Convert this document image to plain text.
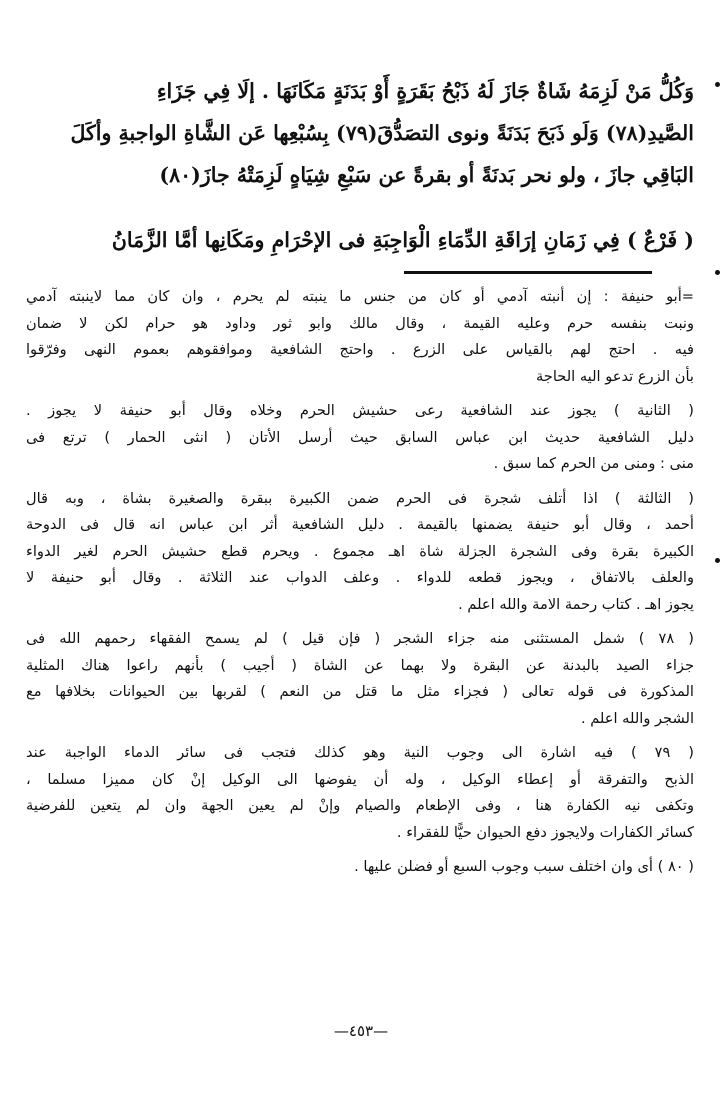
وَكُلُّ مَنْ لَزِمَهُ شَاةٌ جَازَ لَهُ ذَبْحُ بَقَرَةٍ أَوْ بَدَنَةٍ مَكَانَهَا . إلَا فِي جَزَاءِ
الصَّيدِ(٧٨) وَلَو ذَبَحَ بَدَنَةً ونوى التصَدُّقَ(٧٩) بِسُبْعِها عَن الشَّاةِ الواجبةِ وأكَلَ
البَاقِي جازَ ، ولو نحر بَدنَةً أو بقرةً عن سَبْعِ شِيَاهٍ لَزِمَتْهُ جازَ(٨٠)
( فَرْعٌ ) فِي زَمَانِ إرَاقَةِ الدِّمَاءِ الْوَاجِبَةِ فى الإحْرَامِ ومَكَانِها أمَّا الزَّمَانُ
=أبو حنيفة : إن أنبته آدمي أو كان من جنس ما ينبته لم يحرم ، وان كان مما لاينبته آدمي
ونبت بنفسه حرم وعليه القيمة ، وقال مالك وابو ثور وداود هو حرام لكن لا ضمان
فيه . احتج لهم بالقياس على الزرع . واحتج الشافعية وموافقوهم بعموم النهى وفرّقوا
بأن الزرع تدعو اليه الحاجة
( الثانية ) يجوز عند الشافعية رعى حشيش الحرم وخلاه وقال أبو حنيفة لا يجوز .
دليل الشافعية حديث ابن عباس السابق حيث أرسل الأتان ( انثى الحمار ) ترتع فى
منى : ومنى من الحرم كما سبق .
( الثالثة ) اذا أتلف شجرة فى الحرم ضمن الكبيرة ببقرة والصغيرة بشاة ، وبه قال
أحمد ، وقال أبو حنيفة يضمنها بالقيمة . دليل الشافعية أثر ابن عباس انه قال فى الدوحة
الكبيرة بقرة وفى الشجرة الجزلة شاة اهـ مجموع . ويحرم قطع حشيش الحرم لغير الدواء
والعلف بالاتفاق ، ويجوز قطعه للدواء . وعلف الدواب عند الثلاثة . وقال أبو حنيفة لا
يجوز اهـ . كتاب رحمة الامة والله اعلم .
( ٧٨ ) شمل المستثنى منه جزاء الشجر ( فإن قيل ) لم يسمح الفقهاء رحمهم الله فى
جزاء الصيد بالبدنة عن البقرة ولا بهما عن الشاة ( أجيب ) بأنهم راعوا هناك المثلية
المذكورة فى قوله تعالى ( فجزاء مثل ما قتل من النعم ) لقربها بين الحيوانات بخلافها مع
الشجر والله اعلم .
( ٧٩ ) فيه اشارة الى وجوب النية وهو كذلك فتجب فى سائر الدماء الواجبة عند
الذبح والتفرقة أو إعطاء الوكيل ، وله أن يفوضها الى الوكيل إنْ كان مميزا مسلما ،
وتكفى نيه الكفارة هنا ، وفى الإطعام والصيام وإنْ لم يعين الجهة وان لم يتعين للفرضية
كسائر الكفارات ولايجوز دفع الحيوان حيًّا للفقراء .
( ٨٠ ) أى وان اختلف سبب وجوب السبع أو فضلن عليها .
—٤٥٣—
